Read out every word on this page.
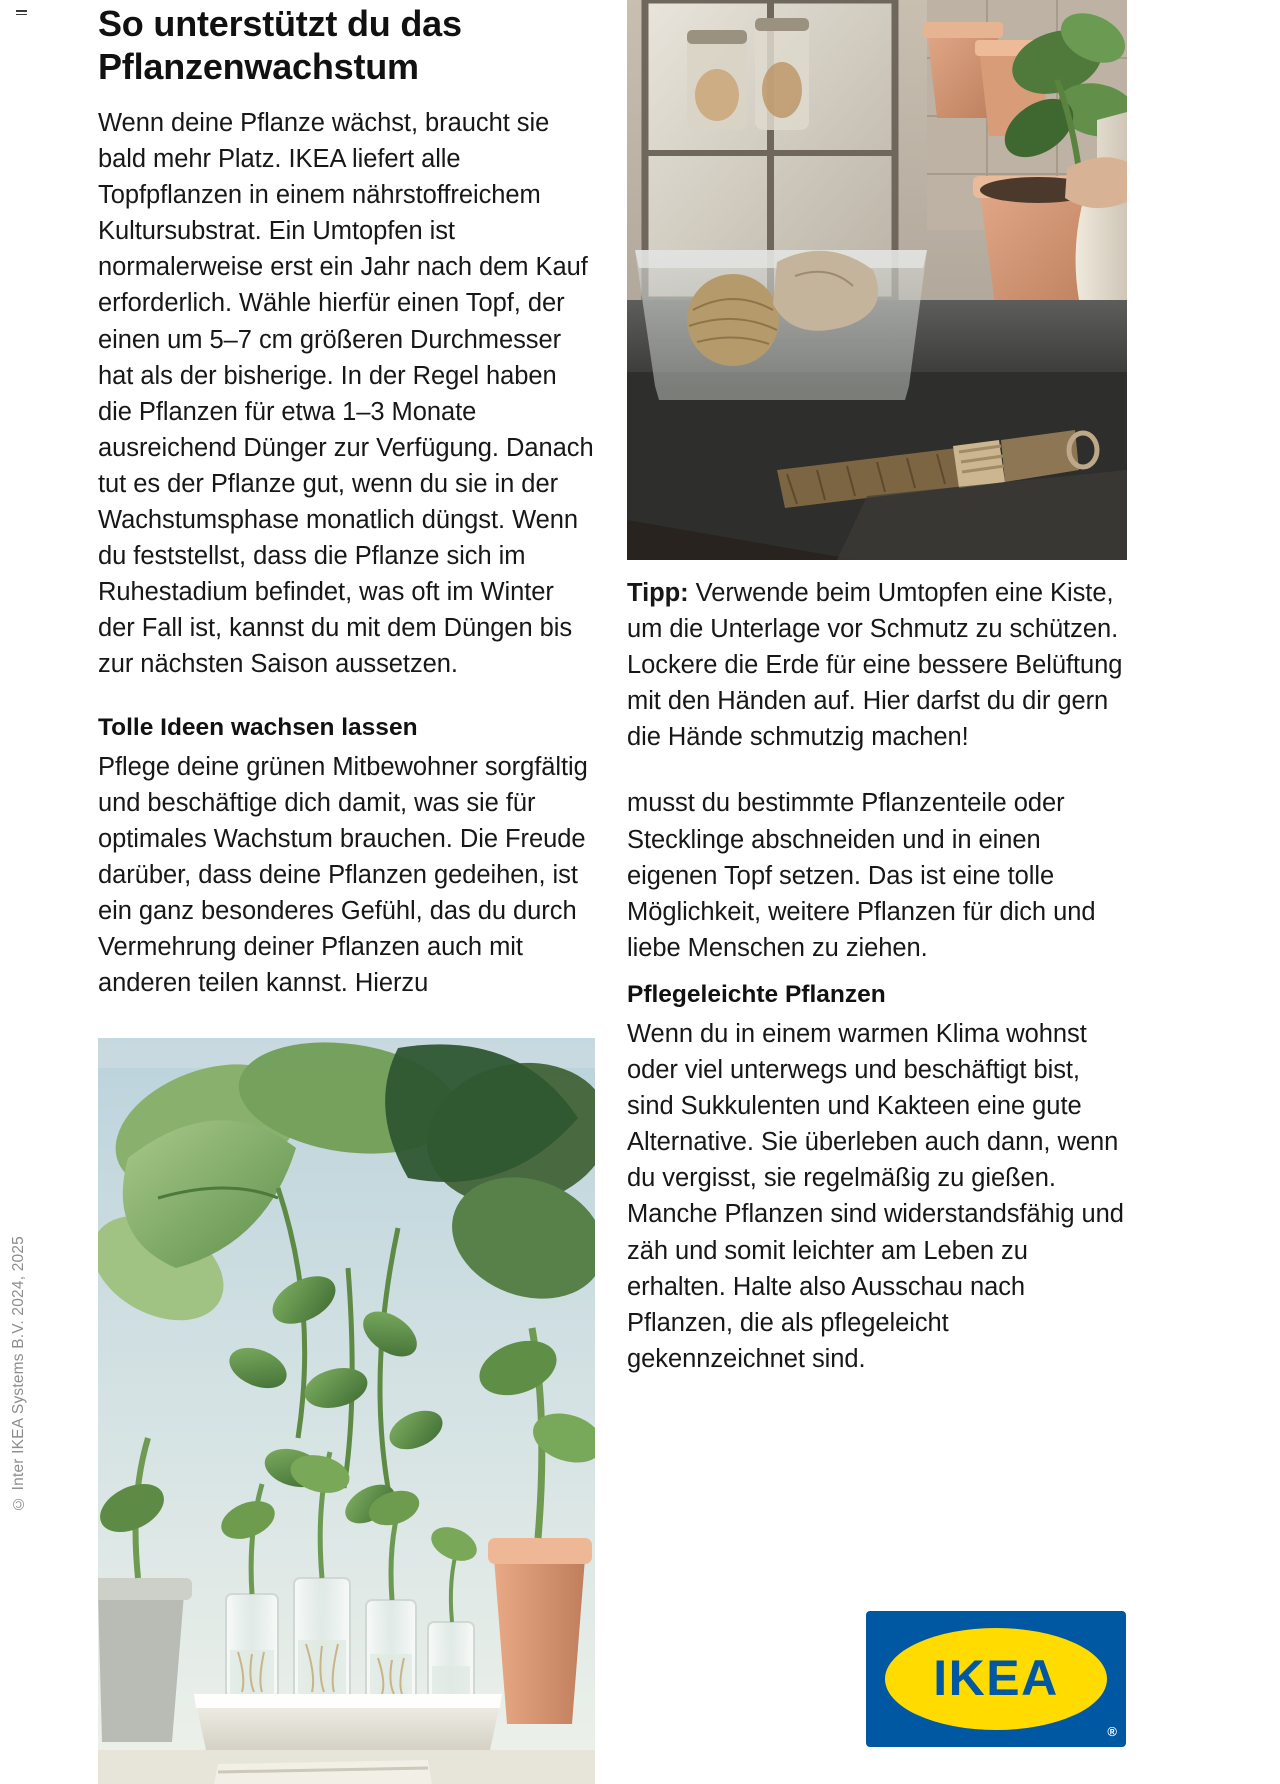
© Inter IKEA Systems B.V. 2024, 2025
So unterstützt du das Pflanzenwachstum

Wenn deine Pflanze wächst, braucht sie bald mehr Platz. IKEA liefert alle Topfpflanzen in einem nährstoffreichem Kultursubstrat. Ein Umtopfen ist normalerweise erst ein Jahr nach dem Kauf erforderlich. Wähle hierfür einen Topf, der einen um 5–7 cm größeren Durchmesser hat als der bisherige. In der Regel haben die Pflanzen für etwa 1–3 Monate ausreichend Dünger zur Verfügung. Danach tut es der Pflanze gut, wenn du sie in der Wachstumsphase monatlich düngst. Wenn du feststellst, dass die Pflanze sich im Ruhestadium befindet, was oft im Winter der Fall ist, kannst du mit dem Düngen bis zur nächsten Saison aussetzen.

Tolle Ideen wachsen lassen

Pflege deine grünen Mitbewohner sorgfältig und beschäftige dich damit, was sie für optimales Wachstum brauchen. Die Freude darüber, dass deine Pflanzen gedeihen, ist ein ganz besonderes Gefühl, das du durch Vermehrung deiner Pflanzen auch mit anderen teilen kannst. Hierzu

Tipp: Verwende beim Umtopfen eine Kiste, um die Unterlage vor Schmutz zu schützen. Lockere die Erde für eine bessere Belüftung mit den Händen auf. Hier darfst du dir gern die Hände schmutzig machen!

musst du bestimmte Pflanzenteile oder Stecklinge abschneiden und in einen eigenen Topf setzen. Das ist eine tolle Möglichkeit, weitere Pflanzen für dich und liebe Menschen zu ziehen.

Pflegeleichte Pflanzen

Wenn du in einem warmen Klima wohnst oder viel unterwegs und beschäftigt bist, sind Sukkulenten und Kakteen eine gute Alternative. Sie überleben auch dann, wenn du vergisst, sie regelmäßig zu gießen. Manche Pflanzen sind widerstandsfähig und zäh und somit leichter am Leben zu erhalten. Halte also Ausschau nach Pflanzen, die als pflegeleicht gekennzeichnet sind.

IKEA
®
